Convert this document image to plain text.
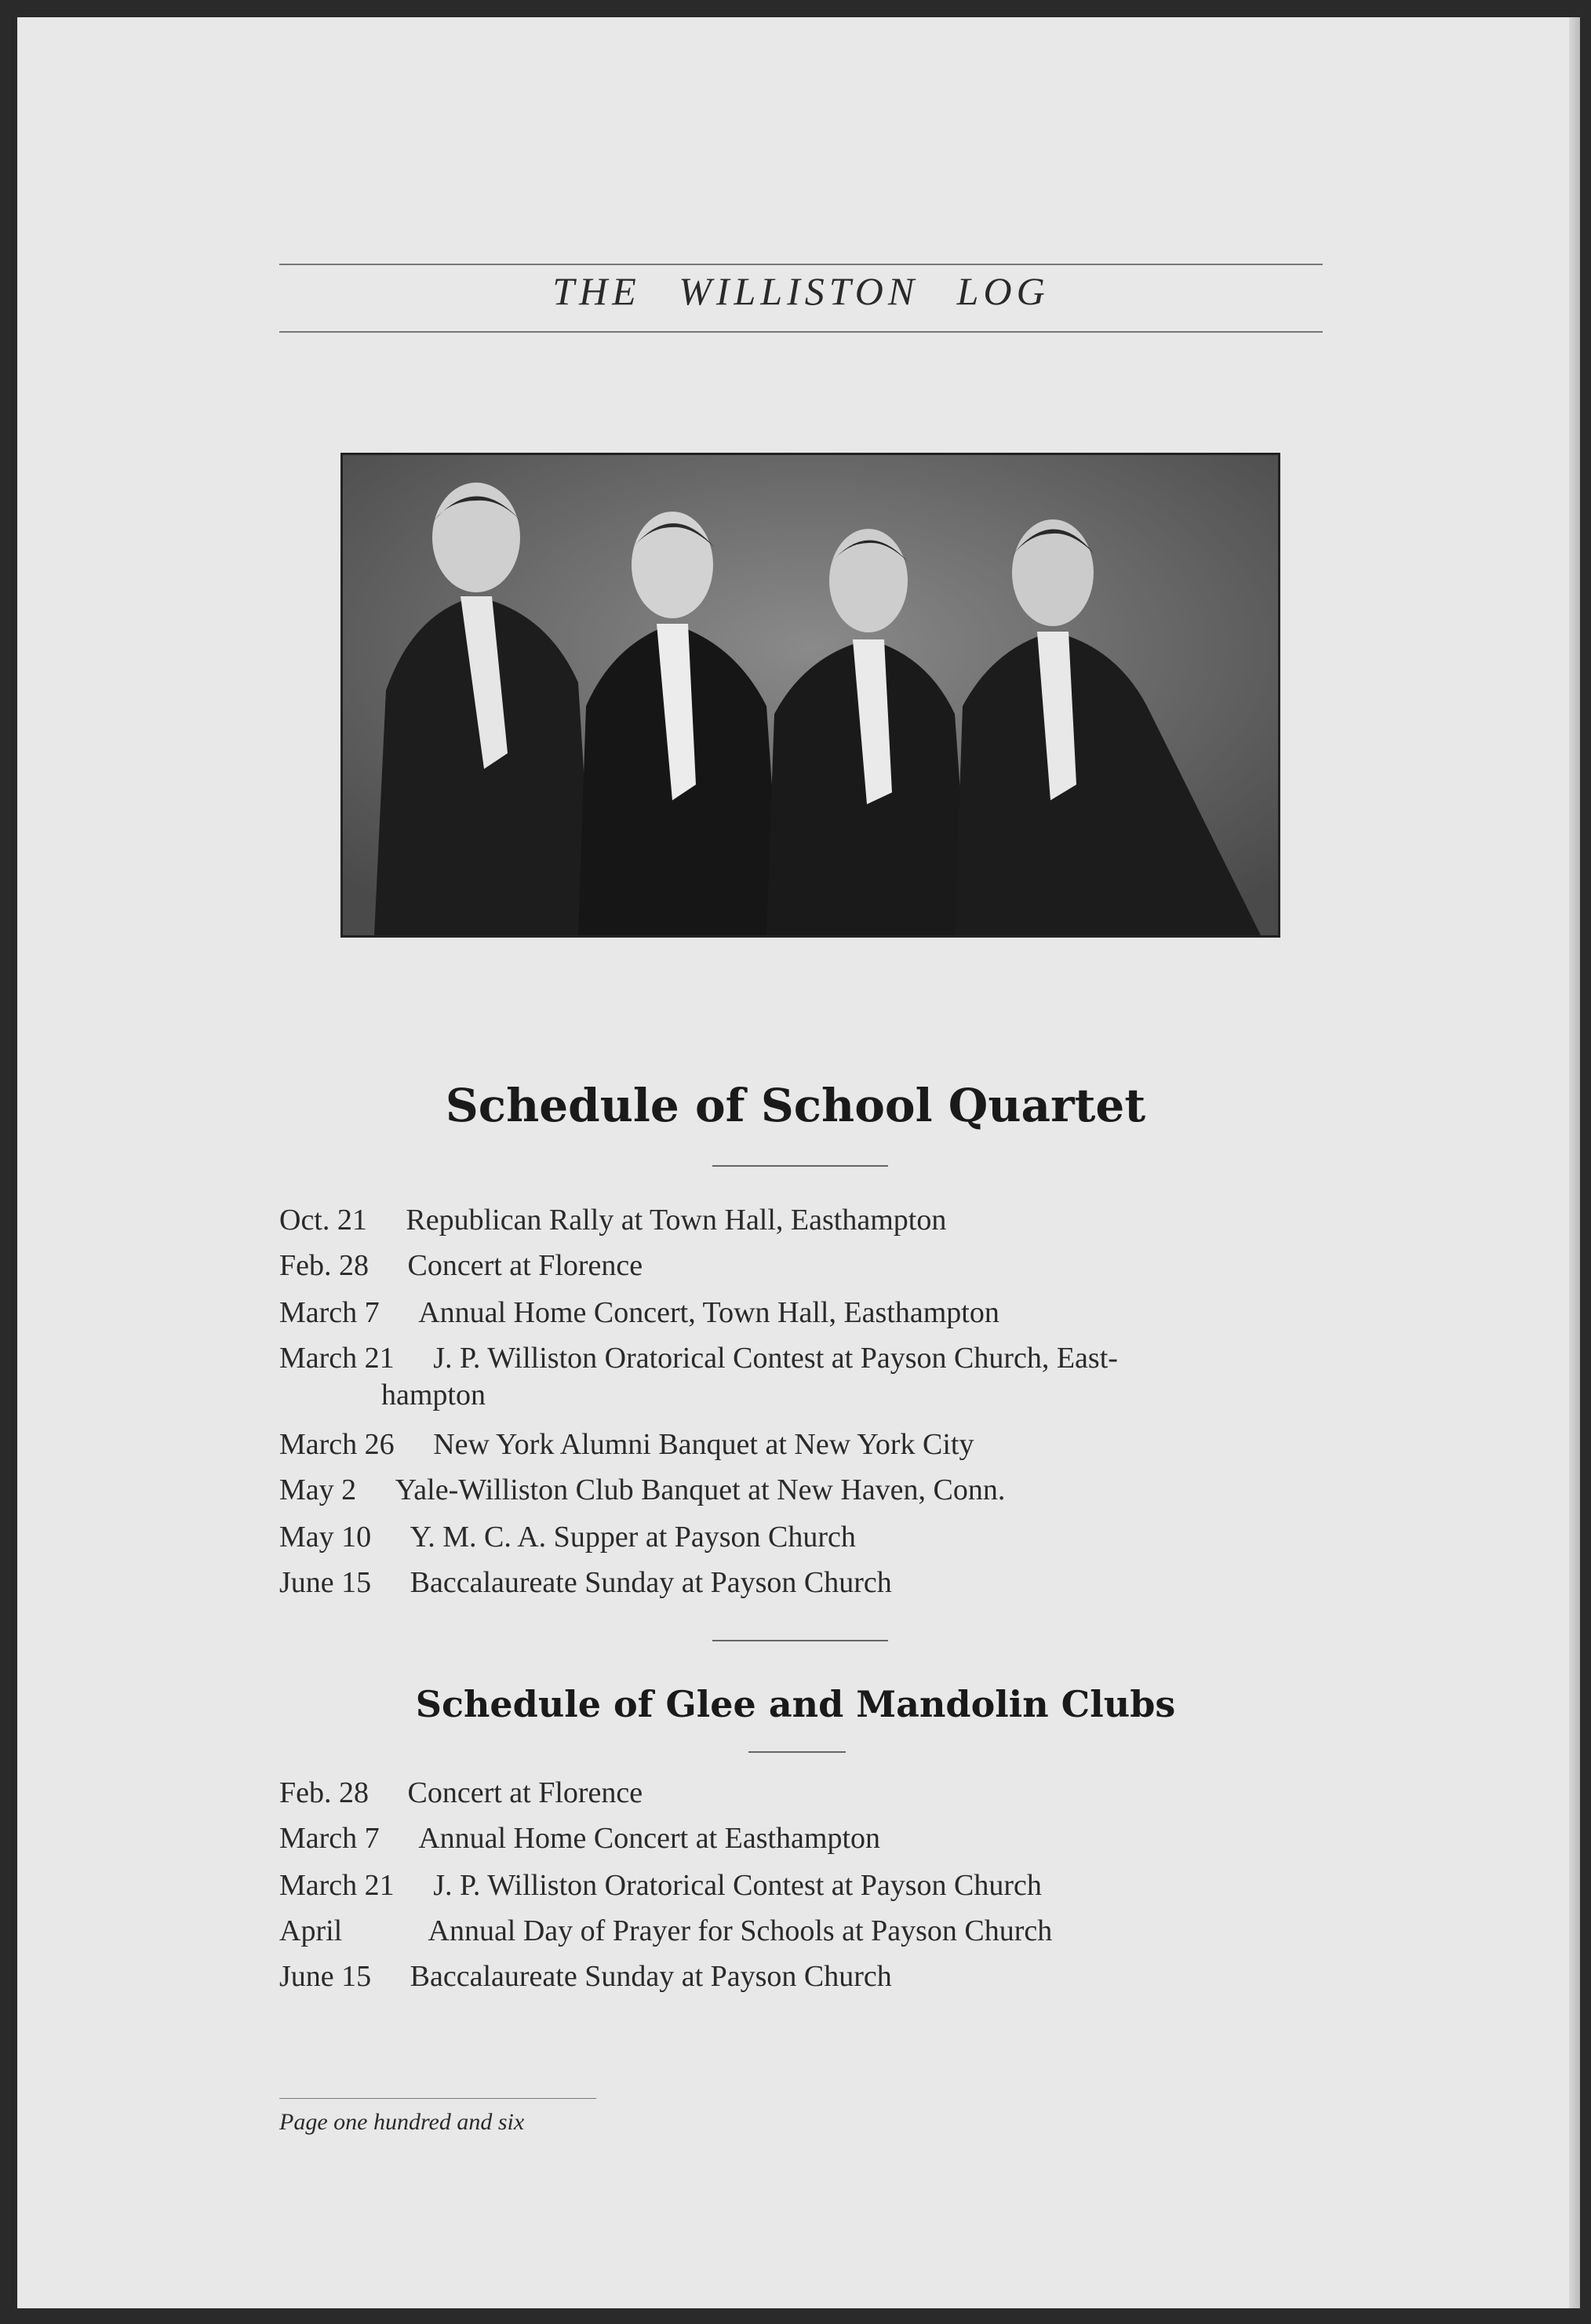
THE WILLISTON LOG
Schedule of School Quartet
Oct. 21 Republican Rally at Town Hall, Easthampton
Feb. 28 Concert at Florence
March 7 Annual Home Concert, Town Hall, Easthampton
March 21 J. P. Williston Oratorical Contest at Payson Church, East-
hampton
March 26 New York Alumni Banquet at New York City
May 2 Yale-Williston Club Banquet at New Haven, Conn.
May 10 Y. M. C. A. Supper at Payson Church
June 15 Baccalaureate Sunday at Payson Church
Schedule of Glee and Mandolin Clubs
Feb. 28 Concert at Florence
March 7 Annual Home Concert at Easthampton
March 21 J. P. Williston Oratorical Contest at Payson Church
April	Annual Day of Prayer for Schools at Payson Church
June 15 Baccalaureate Sunday at Payson Church
Page one hundred and six
